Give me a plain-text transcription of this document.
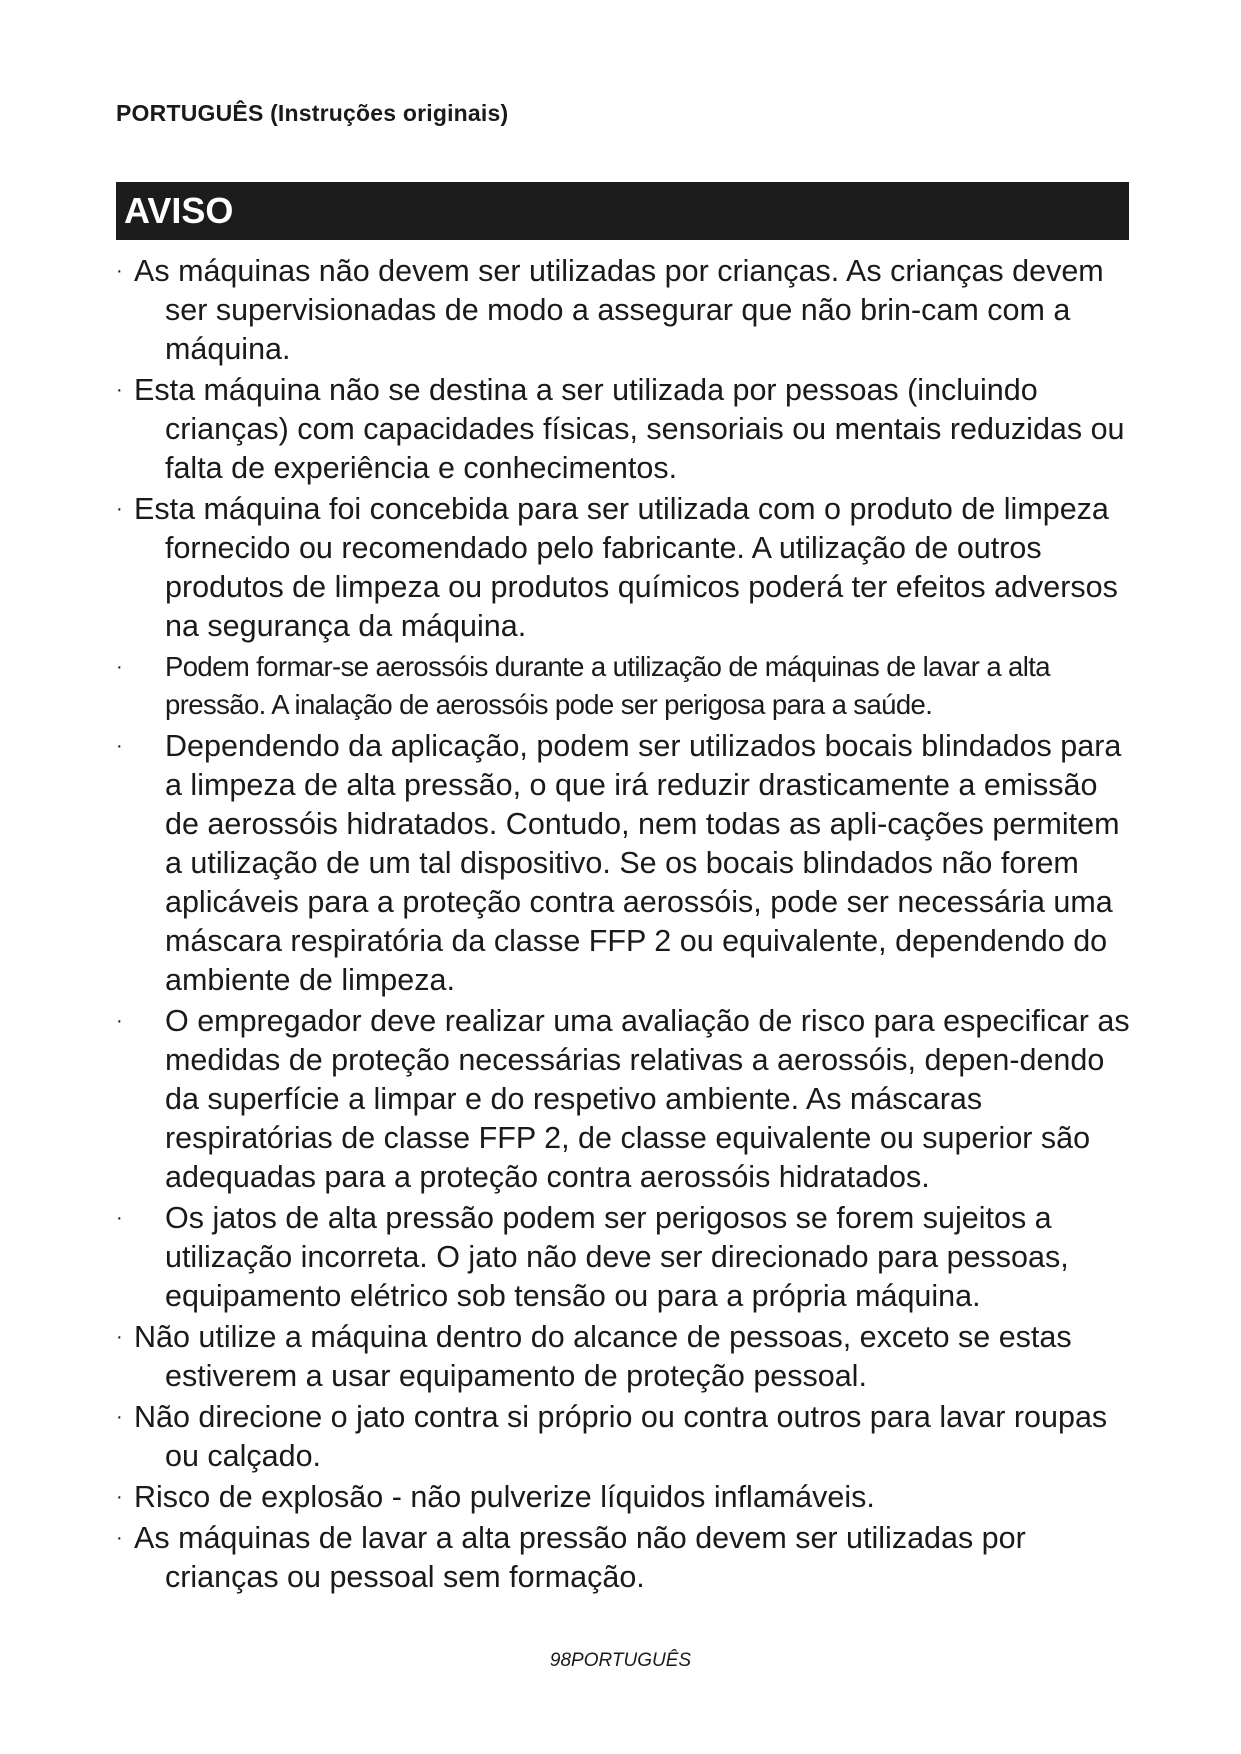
PORTUGUÊS (Instruções originais)

AVISO

· As máquinas não devem ser utilizadas por crianças. As crianças devem ser supervisionadas de modo a assegurar que não brin-cam com a máquina.
· Esta máquina não se destina a ser utilizada por pessoas (incluindo crianças) com capacidades físicas, sensoriais ou mentais reduzidas ou falta de experiência e conhecimentos.
· Esta máquina foi concebida para ser utilizada com o produto de limpeza fornecido ou recomendado pelo fabricante. A utilização de outros produtos de limpeza ou produtos químicos poderá ter efeitos adversos na segurança da máquina.
· Podem formar-se aerossóis durante a utilização de máquinas de lavar a alta pressão. A inalação de aerossóis pode ser perigosa para a saúde.
· Dependendo da aplicação, podem ser utilizados bocais blindados para a limpeza de alta pressão, o que irá reduzir drasticamente a emissão de aerossóis hidratados. Contudo, nem todas as apli-cações permitem a utilização de um tal dispositivo. Se os bocais blindados não forem aplicáveis para a proteção contra aerossóis, pode ser necessária uma máscara respiratória da classe FFP 2 ou equivalente, dependendo do ambiente de limpeza.
· O empregador deve realizar uma avaliação de risco para especificar as medidas de proteção necessárias relativas a aerossóis, depen-dendo da superfície a limpar e do respetivo ambiente. As máscaras respiratórias de classe FFP 2, de classe equivalente ou superior são adequadas para a proteção contra aerossóis hidratados.
· Os jatos de alta pressão podem ser perigosos se forem sujeitos a utilização incorreta. O jato não deve ser direcionado para pessoas, equipamento elétrico sob tensão ou para a própria máquina.
· Não utilize a máquina dentro do alcance de pessoas, exceto se estas estiverem a usar equipamento de proteção pessoal.
· Não direcione o jato contra si próprio ou contra outros para lavar roupas ou calçado.
· Risco de explosão - não pulverize líquidos inflamáveis.
· As máquinas de lavar a alta pressão não devem ser utilizadas por crianças ou pessoal sem formação.

98PORTUGUÊS
